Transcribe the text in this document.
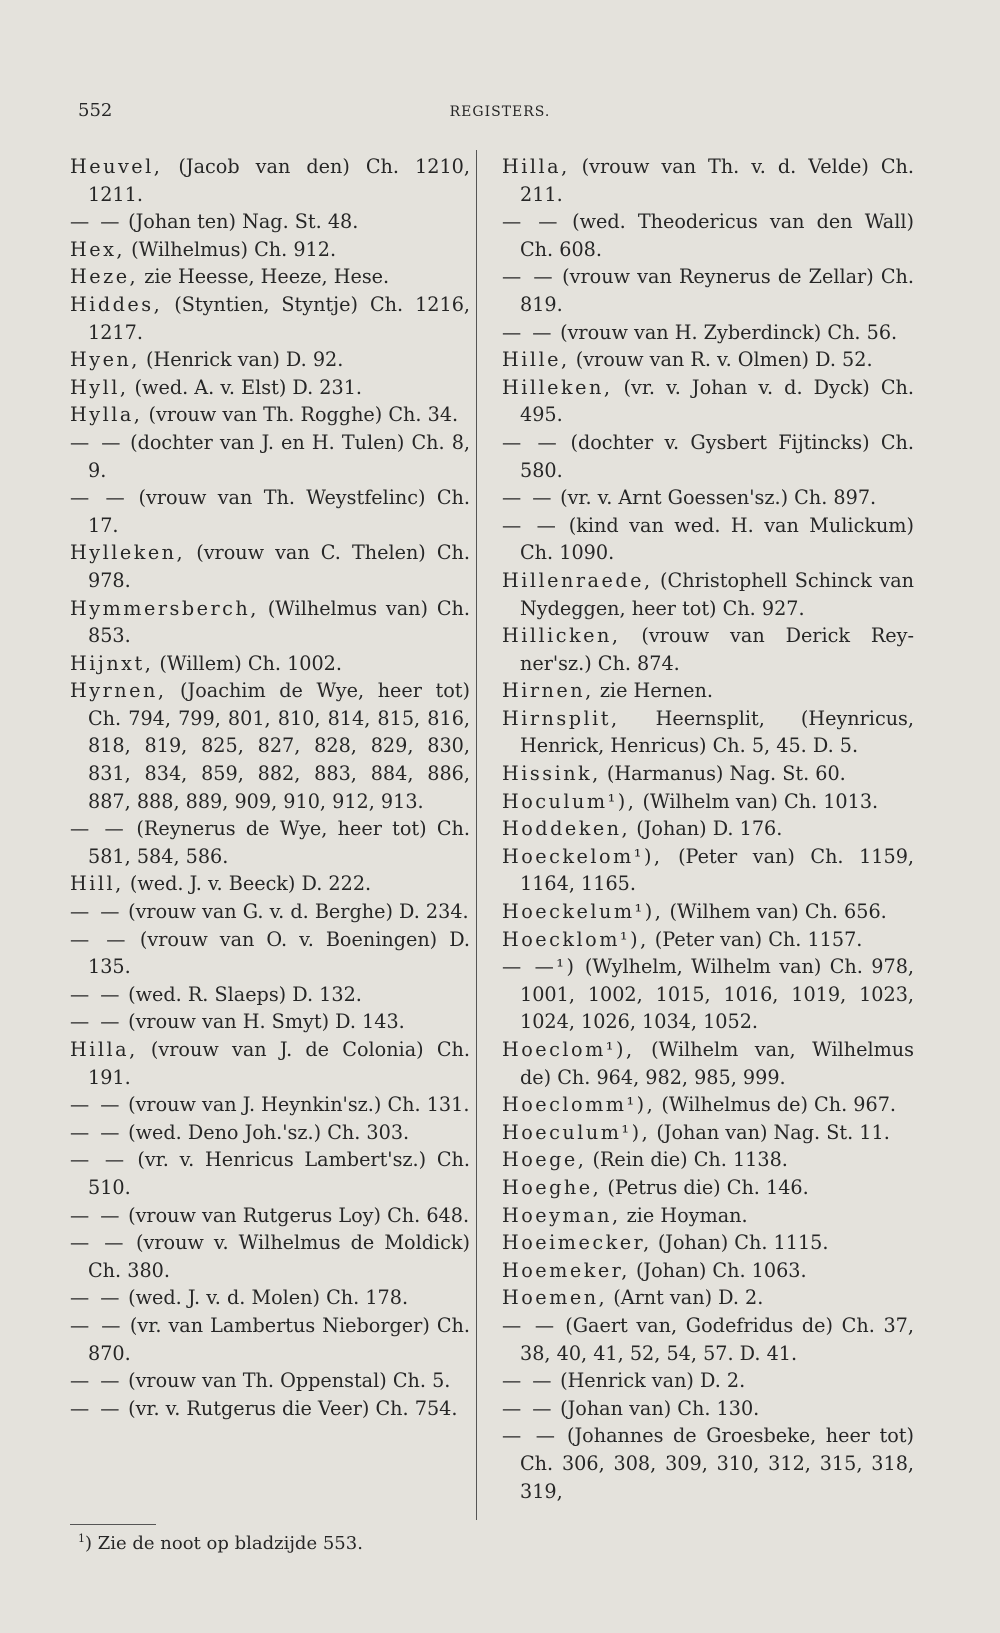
552	REGISTERS.
Heuvel, (Jacob van den) Ch. 1210, 1211.
— — (Johan ten) Nag. St. 48.
Hex, (Wilhelmus) Ch. 912.
Heze, zie Heesse, Heeze, Hese.
Hiddes, (Styntien, Styntje) Ch. 1216, 1217.
Hyen, (Henrick van) D. 92.
Hyll, (wed. A. v. Elst) D. 231.
Hylla, (vrouw van Th. Rogghe) Ch. 34.
— — (dochter van J. en H. Tulen) Ch. 8, 9.
— — (vrouw van Th. Weystfelinc) Ch. 17.
Hylleken, (vrouw van C. Thelen) Ch. 978.
Hymmersberch, (Wilhelmus van) Ch. 853.
Hijnxt, (Willem) Ch. 1002.
Hyrnen, (Joachim de Wye, heer tot) Ch. 794, 799, 801, 810, 814, 815, 816, 818, 819, 825, 827, 828, 829, 830, 831, 834, 859, 882, 883, 884, 886, 887, 888, 889, 909, 910, 912, 913.
— — (Reynerus de Wye, heer tot) Ch. 581, 584, 586.
Hill, (wed. J. v. Beeck) D. 222.
— — (vrouw van G. v. d. Berghe) D. 234.
— — (vrouw van O. v. Boeningen) D. 135.
— — (wed. R. Slaeps) D. 132.
— — (vrouw van H. Smyt) D. 143.
Hilla, (vrouw van J. de Colonia) Ch. 191.
— — (vrouw van J. Heynkin'sz.) Ch. 131.
— — (wed. Deno Joh.'sz.) Ch. 303.
— — (vr. v. Henricus Lambert'sz.) Ch. 510.
— — (vrouw van Rutgerus Loy) Ch. 648.
— — (vrouw v. Wilhelmus de Moldick) Ch. 380.
— — (wed. J. v. d. Molen) Ch. 178.
— — (vr. van Lambertus Nieborger) Ch. 870.
— — (vrouw van Th. Oppenstal) Ch. 5.
— — (vr. v. Rutgerus die Veer) Ch. 754.
Hilla, (vrouw van Th. v. d. Velde) Ch. 211.
— — (wed. Theodericus van den Wall) Ch. 608.
— — (vrouw van Reynerus de Zellar) Ch. 819.
— — (vrouw van H. Zyberdinck) Ch. 56.
Hille, (vrouw van R. v. Olmen) D. 52.
Hilleken, (vr. v. Johan v. d. Dyck) Ch. 495.
— — (dochter v. Gysbert Fijtincks) Ch. 580.
— — (vr. v. Arnt Goessen'sz.) Ch. 897.
— — (kind van wed. H. van Mulickum) Ch. 1090.
Hillenraede, (Christophell Schinck van Nydeggen, heer tot) Ch. 927.
Hillicken, (vrouw van Derick Rey-ner'sz.) Ch. 874.
Hirnen, zie Hernen.
Hirnsplit, Heernsplit, (Heynricus, Henrick, Henricus) Ch. 5, 45. D. 5.
Hissink, (Harmanus) Nag. St. 60.
Hoculum¹), (Wilhelm van) Ch. 1013.
Hoddeken, (Johan) D. 176.
Hoeckelom¹), (Peter van) Ch. 1159, 1164, 1165.
Hoeckelum¹), (Wilhem van) Ch. 656.
Hoecklom¹), (Peter van) Ch. 1157.
— —¹) (Wylhelm, Wilhelm van) Ch. 978, 1001, 1002, 1015, 1016, 1019, 1023, 1024, 1026, 1034, 1052.
Hoeclom¹), (Wilhelm van, Wilhelmus de) Ch. 964, 982, 985, 999.
Hoeclomm¹), (Wilhelmus de) Ch. 967.
Hoeculum¹), (Johan van) Nag. St. 11.
Hoege, (Rein die) Ch. 1138.
Hoeghe, (Petrus die) Ch. 146.
Hoeyman, zie Hoyman.
Hoeimecker, (Johan) Ch. 1115.
Hoemeker, (Johan) Ch. 1063.
Hoemen, (Arnt van) D. 2.
— — (Gaert van, Godefridus de) Ch. 37, 38, 40, 41, 52, 54, 57. D. 41.
— — (Henrick van) D. 2.
— — (Johan van) Ch. 130.
— — (Johannes de Groesbeke, heer tot) Ch. 306, 308, 309, 310, 312, 315, 318, 319,
$^1$) Zie de noot op bladzijde 553.
